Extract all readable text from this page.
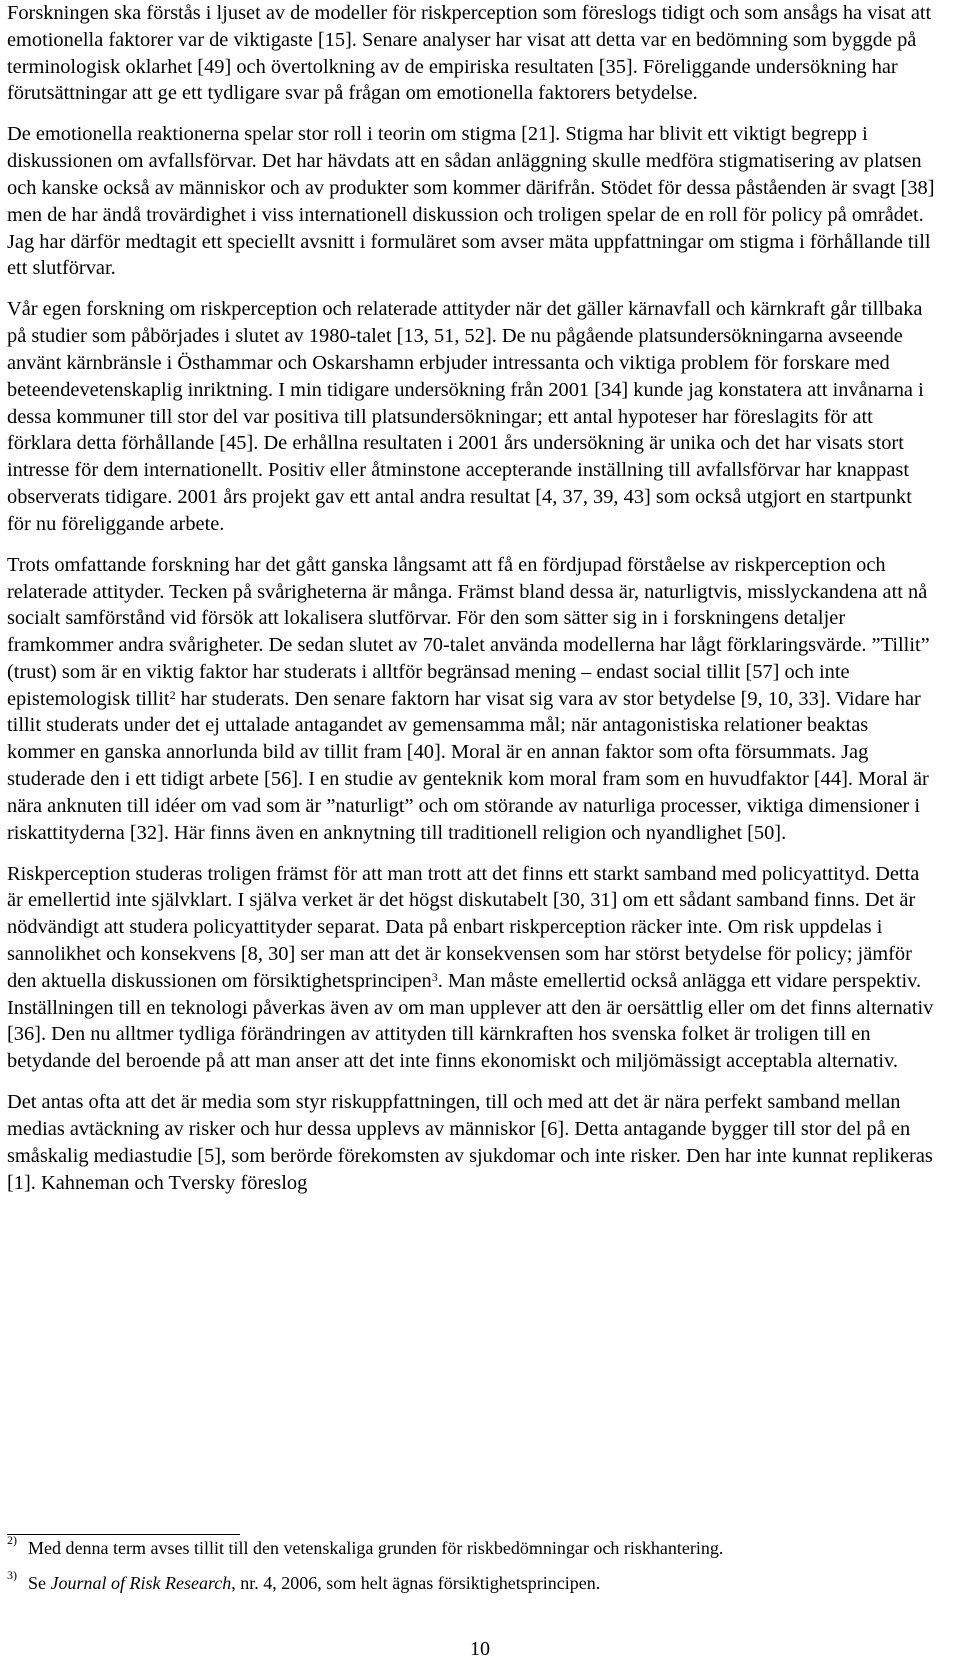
Forskningen ska förstås i ljuset av de modeller för riskperception som föreslogs tidigt och som ansågs ha visat att emotionella faktorer var de viktigaste [15]. Senare analyser har visat att detta var en bedömning som byggde på terminologisk oklarhet [49] och övertolkning av de empiriska resultaten [35]. Föreliggande undersökning har förutsättningar att ge ett tydligare svar på frågan om emotionella faktorers betydelse.

De emotionella reaktionerna spelar stor roll i teorin om stigma [21]. Stigma har blivit ett viktigt begrepp i diskussionen om avfallsförvar. Det har hävdats att en sådan anläggning skulle medföra stigmatisering av platsen och kanske också av människor och av produkter som kommer därifrån. Stödet för dessa påståenden är svagt [38] men de har ändå trovärdighet i viss internationell diskussion och troligen spelar de en roll för policy på området. Jag har därför medtagit ett speciellt avsnitt i formuläret som avser mäta uppfattningar om stigma i förhållande till ett slutförvar.

Vår egen forskning om riskperception och relaterade attityder när det gäller kärnavfall och kärnkraft går tillbaka på studier som påbörjades i slutet av 1980-talet [13, 51, 52]. De nu pågående platsundersökningarna avseende använt kärnbränsle i Östhammar och Oskarshamn erbjuder intressanta och viktiga problem för forskare med beteendevetenskaplig inriktning. I min tidigare undersökning från 2001 [34] kunde jag konstatera att invånarna i dessa kommuner till stor del var positiva till platsundersökningar; ett antal hypoteser har föreslagits för att förklara detta förhållande [45]. De erhållna resultaten i 2001 års undersökning är unika och det har visats stort intresse för dem internationellt. Positiv eller åtminstone accepterande inställning till avfallsförvar har knappast observerats tidigare. 2001 års projekt gav ett antal andra resultat [4, 37, 39, 43] som också utgjort en startpunkt för nu föreliggande arbete.

Trots omfattande forskning har det gått ganska långsamt att få en fördjupad förståelse av riskperception och relaterade attityder. Tecken på svårigheterna är många. Främst bland dessa är, naturligtvis, misslyckandena att nå socialt samförstånd vid försök att lokalisera slutförvar. För den som sätter sig in i forskningens detaljer framkommer andra svårigheter. De sedan slutet av 70-talet använda modellerna har lågt förklaringsvärde. ”Tillit” (trust) som är en viktig faktor har studerats i alltför begränsad mening – endast social tillit [57] och inte epistemologisk tillit$^2$ har studerats. Den senare faktorn har visat sig vara av stor betydelse [9, 10, 33]. Vidare har tillit studerats under det ej uttalade antagandet av gemensamma mål; när antagonistiska relationer beaktas kommer en ganska annorlunda bild av tillit fram [40]. Moral är en annan faktor som ofta försummats. Jag studerade den i ett tidigt arbete [56]. I en studie av genteknik kom moral fram som en huvudfaktor [44]. Moral är nära anknuten till idéer om vad som är ”naturligt” och om störande av naturliga processer, viktiga dimensioner i riskattityderna [32]. Här finns även en anknytning till traditionell religion och nyandlighet [50].

Riskperception studeras troligen främst för att man trott att det finns ett starkt samband med policyattityd. Detta är emellertid inte självklart. I själva verket är det högst diskutabelt [30, 31] om ett sådant samband finns. Det är nödvändigt att studera policyattityder separat. Data på enbart riskperception räcker inte. Om risk uppdelas i sannolikhet och konsekvens [8, 30] ser man att det är konsekvensen som har störst betydelse för policy; jämför den aktuella diskussionen om försiktighetsprincipen$^3$. Man måste emellertid också anlägga ett vidare perspektiv. Inställningen till en teknologi påverkas även av om man upplever att den är oersättlig eller om det finns alternativ [36]. Den nu alltmer tydliga förändringen av attityden till kärnkraften hos svenska folket är troligen till en betydande del beroende på att man anser att det inte finns ekonomiskt och miljömässigt acceptabla alternativ.

Det antas ofta att det är media som styr riskuppfattningen, till och med att det är nära perfekt samband mellan medias avtäckning av risker och hur dessa upplevs av människor [6]. Detta antagande bygger till stor del på en småskalig mediastudie [5], som berörde förekomsten av sjukdomar och inte risker. Den har inte kunnat replikeras [1]. Kahneman och Tversky föreslog

2) Med denna term avses tillit till den vetenskaliga grunden för riskbedömningar och riskhantering.
3) Se Journal of Risk Research, nr. 4, 2006, som helt ägnas försiktighetsprincipen.
10
